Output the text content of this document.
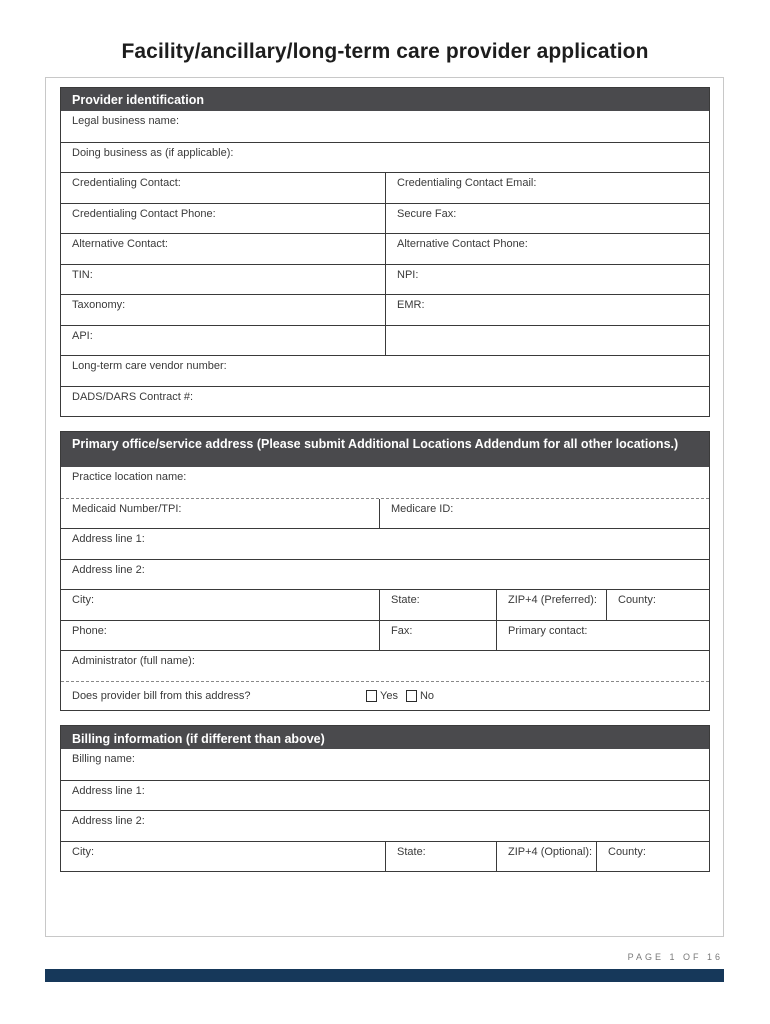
Facility/ancillary/long-term care provider application
Provider identification
Legal business name:
Doing business as (if applicable):
Credentialing Contact:	Credentialing Contact Email:
Credentialing Contact Phone:	Secure Fax:
Alternative Contact:	Alternative Contact Phone:
TIN:	NPI:
Taxonomy:	EMR:
API:
Long-term care vendor number:
DADS/DARS Contract #:
Primary office/service address (Please submit Additional Locations Addendum for all other locations.)
Practice location name:
Medicaid Number/TPI:	Medicare ID:
Address line 1:
Address line 2:
City:	State:	ZIP+4 (Preferred):	County:
Phone:	Fax:	Primary contact:
Administrator (full name):
Does provider bill from this address?	Yes No
Billing information (if different than above)
Billing name:
Address line 1:
Address line 2:
City:	State:	ZIP+4 (Optional):	County:
PAGE 1 OF 16
